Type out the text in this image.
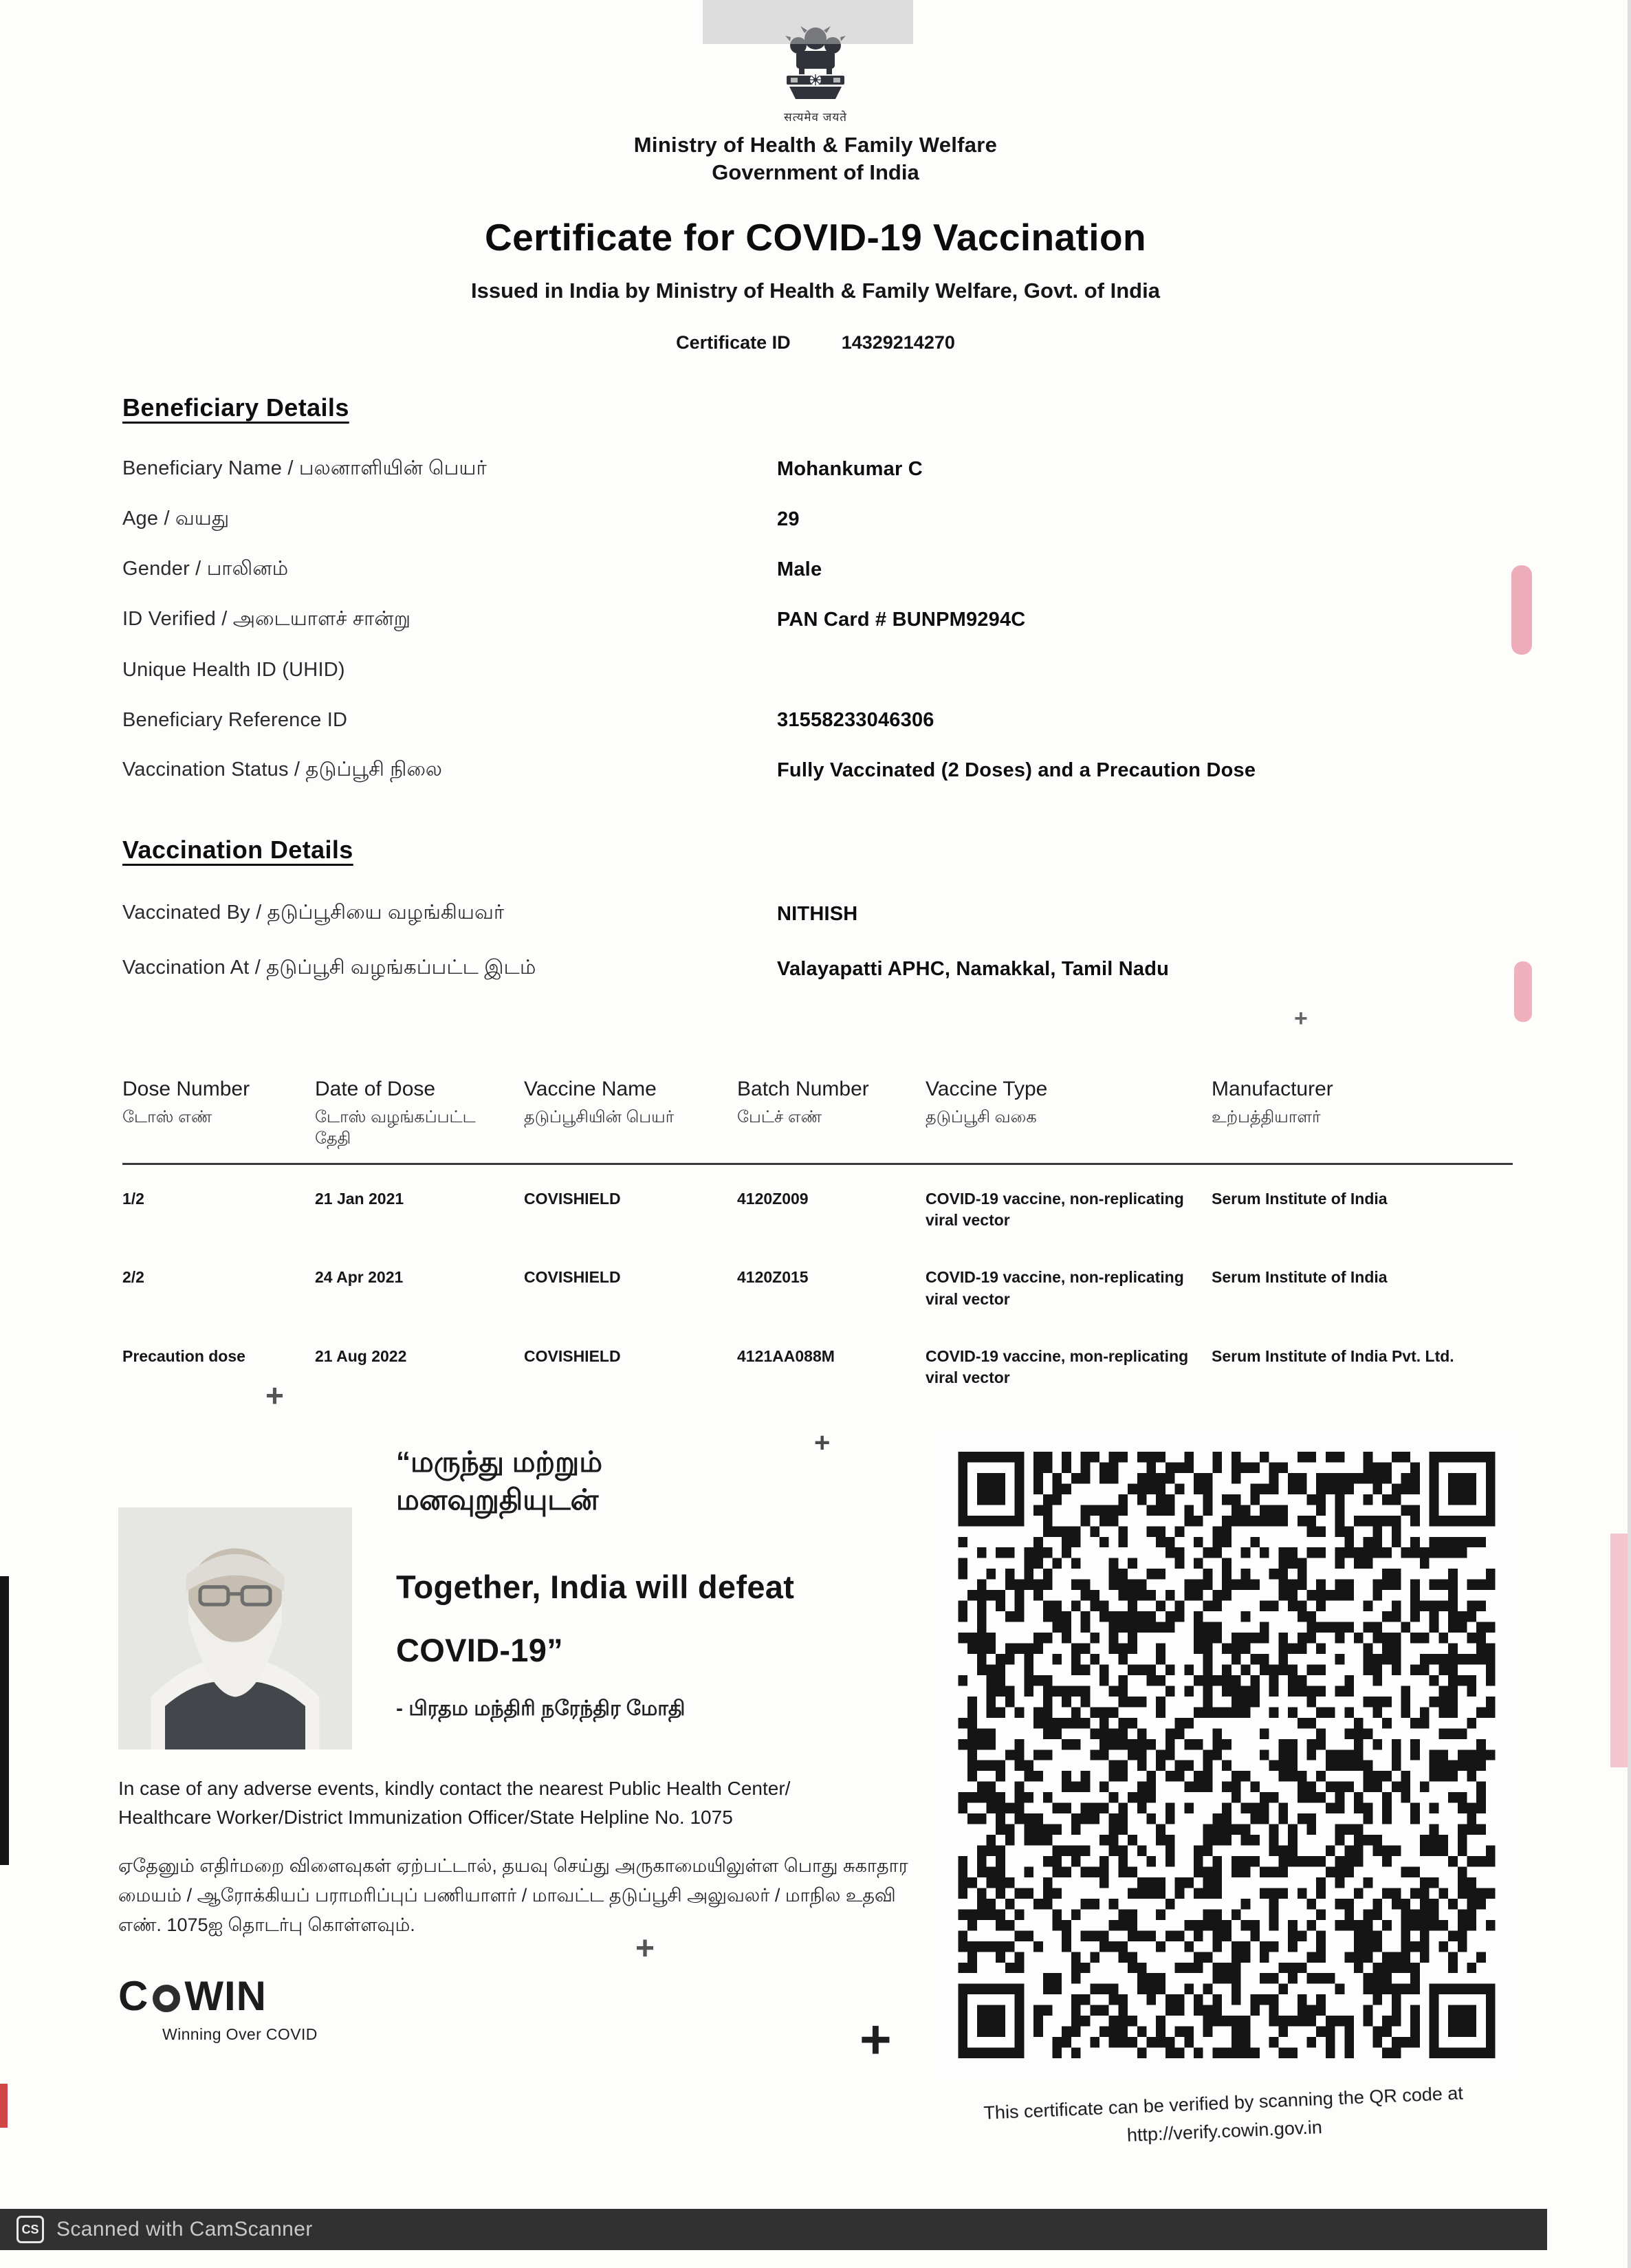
+
+
+
+
+
सत्यमेव जयते
Ministry of Health & Family Welfare
Government of India
Certificate for COVID-19 Vaccination
Issued in India by Ministry of Health & Family Welfare, Govt. of India
Certificate ID	14329214270
Beneficiary Details
Beneficiary Name / பலனாளியின் பெயர்	Mohankumar C
Age / வயது	29
Gender / பாலினம்	Male
ID Verified / அடையாளச் சான்று	PAN Card # BUNPM9294C
Unique Health ID (UHID)
Beneficiary Reference ID	31558233046306
Vaccination Status / தடுப்பூசி நிலை	Fully Vaccinated (2 Doses) and a Precaution Dose
Vaccination Details
Vaccinated By / தடுப்பூசியை வழங்கியவர்	NITHISH
Vaccination At / தடுப்பூசி வழங்கப்பட்ட இடம்	Valayapatti APHC, Namakkal, Tamil Nadu
Dose Number	Date of Dose	Vaccine Name	Batch Number	Vaccine Type	Manufacturer
டோஸ் எண்	டோஸ் வழங்கப்பட்ட தேதி	தடுப்பூசியின் பெயர்	பேட்ச் எண்	தடுப்பூசி வகை	உற்பத்தியாளர்
1/2	21 Jan 2021	COVISHIELD	4120Z009	COVID-19 vaccine, non-replicating viral vector	Serum Institute of India
2/2	24 Apr 2021	COVISHIELD	4120Z015	COVID-19 vaccine, non-replicating viral vector	Serum Institute of India
Precaution dose	21 Aug 2022	COVISHIELD	4121AA088M	COVID-19 vaccine, mon-replicating viral vector	Serum Institute of India Pvt. Ltd.
“மருந்து மற்றும்
மனவுறுதியுடன்
Together, India will defeat
COVID-19”
- பிரதம மந்திரி நரேந்திர மோதி

In case of any adverse events, kindly contact the nearest Public Health Center/ Healthcare Worker/District Immunization Officer/State Helpline No. 1075

ஏதேனும் எதிர்மறை விளைவுகள் ஏற்பட்டால், தயவு செய்து அருகாமையிலுள்ள பொது சுகாதார மையம் / ஆரோக்கியப் பராமரிப்புப் பணியாளர் / மாவட்ட தடுப்பூசி அலுவலர் / மாநில உதவி எண். 1075ஐ தொடர்பு கொள்ளவும்.

C WIN
Winning Over COVID
This certificate can be verified by scanning the QR code at
http://verify.cowin.gov.in
CS Scanned with CamScanner
